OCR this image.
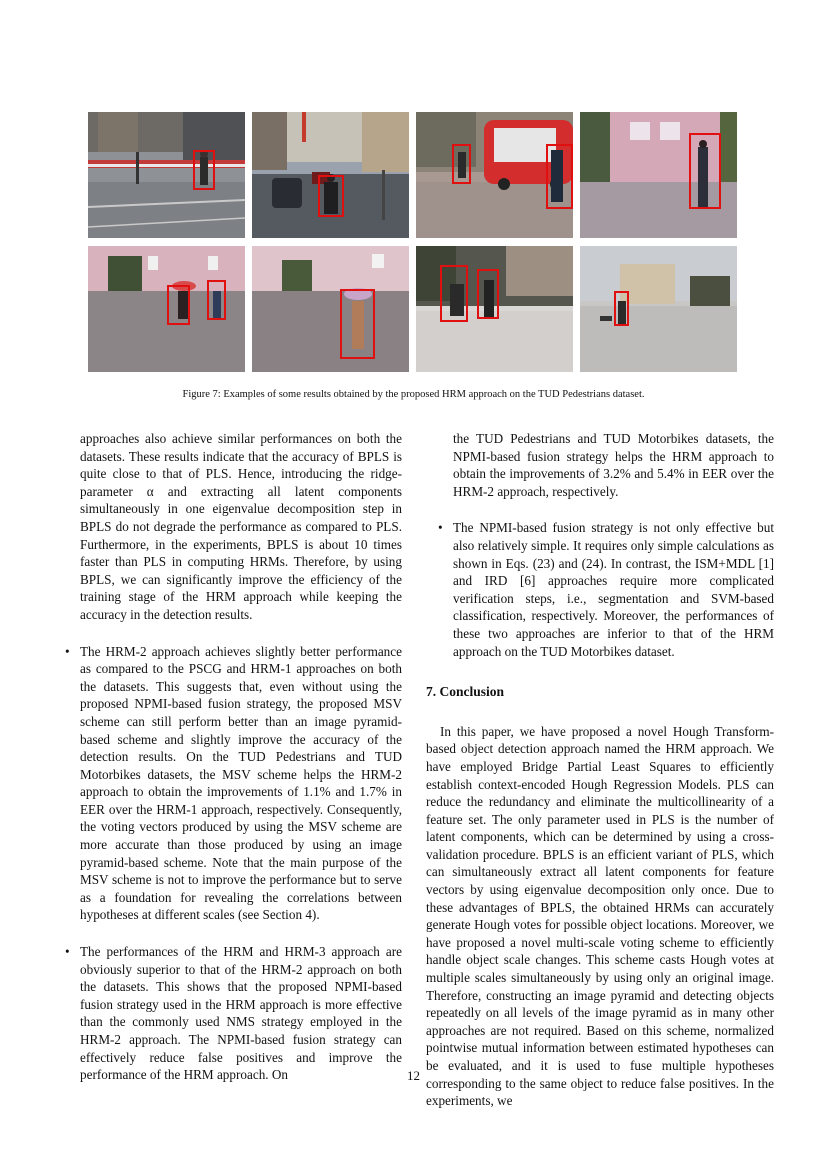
Figure 7: Examples of some results obtained by the proposed HRM approach on the TUD Pedestrians dataset.

approaches also achieve similar performances on both the datasets. These results indicate that the accuracy of BPLS is quite close to that of PLS. Hence, introducing the ridge-parameter α and extracting all latent components simultaneously in one eigenvalue decomposition step in BPLS do not degrade the performance as compared to PLS. Furthermore, in the experiments, BPLS is about 10 times faster than PLS in computing HRMs. Therefore, by using BPLS, we can significantly improve the efficiency of the training stage of the HRM approach while keeping the accuracy in the detection results.

• The HRM-2 approach achieves slightly better performance as compared to the PSCG and HRM-1 approaches on both the datasets. This suggests that, even without using the proposed NPMI-based fusion strategy, the proposed MSV scheme can still perform better than an image pyramid-based scheme and slightly improve the accuracy of the detection results. On the TUD Pedestrians and TUD Motorbikes datasets, the MSV scheme helps the HRM-2 approach to obtain the improvements of 1.1% and 1.7% in EER over the HRM-1 approach, respectively. Consequently, the voting vectors produced by using the MSV scheme are more accurate than those produced by using an image pyramid-based scheme. Note that the main purpose of the MSV scheme is not to improve the performance but to serve as a foundation for revealing the correlations between hypotheses at different scales (see Section 4).

• The performances of the HRM and HRM-3 approach are obviously superior to that of the HRM-2 approach on both the datasets. This shows that the proposed NPMI-based fusion strategy used in the HRM approach is more effective than the commonly used NMS strategy employed in the HRM-2 approach. The NPMI-based fusion strategy can effectively reduce false positives and improve the performance of the HRM approach. On

the TUD Pedestrians and TUD Motorbikes datasets, the NPMI-based fusion strategy helps the HRM approach to obtain the improvements of 3.2% and 5.4% in EER over the HRM-2 approach, respectively.

• The NPMI-based fusion strategy is not only effective but also relatively simple. It requires only simple calculations as shown in Eqs. (23) and (24). In contrast, the ISM+MDL [1] and IRD [6] approaches require more complicated verification steps, i.e., segmentation and SVM-based classification, respectively. Moreover, the performances of these two approaches are inferior to that of the HRM approach on the TUD Motorbikes dataset.

7. Conclusion

In this paper, we have proposed a novel Hough Transform-based object detection approach named the HRM approach. We have employed Bridge Partial Least Squares to efficiently establish context-encoded Hough Regression Models. PLS can reduce the redundancy and eliminate the multicollinearity of a feature set. The only parameter used in PLS is the number of latent components, which can be determined by using a cross-validation procedure. BPLS is an efficient variant of PLS, which can simultaneously extract all latent components for feature vectors by using eigenvalue decomposition only once. Due to these advantages of BPLS, the obtained HRMs can accurately generate Hough votes for possible object locations. Moreover, we have proposed a novel multi-scale voting scheme to efficiently handle object scale changes. This scheme casts Hough votes at multiple scales simultaneously by using only an original image. Therefore, constructing an image pyramid and detecting objects repeatedly on all levels of the image pyramid as in many other approaches are not required. Based on this scheme, normalized pointwise mutual information between estimated hypotheses can be evaluated, and it is used to fuse multiple hypotheses corresponding to the same object to reduce false positives. In the experiments, we

12
